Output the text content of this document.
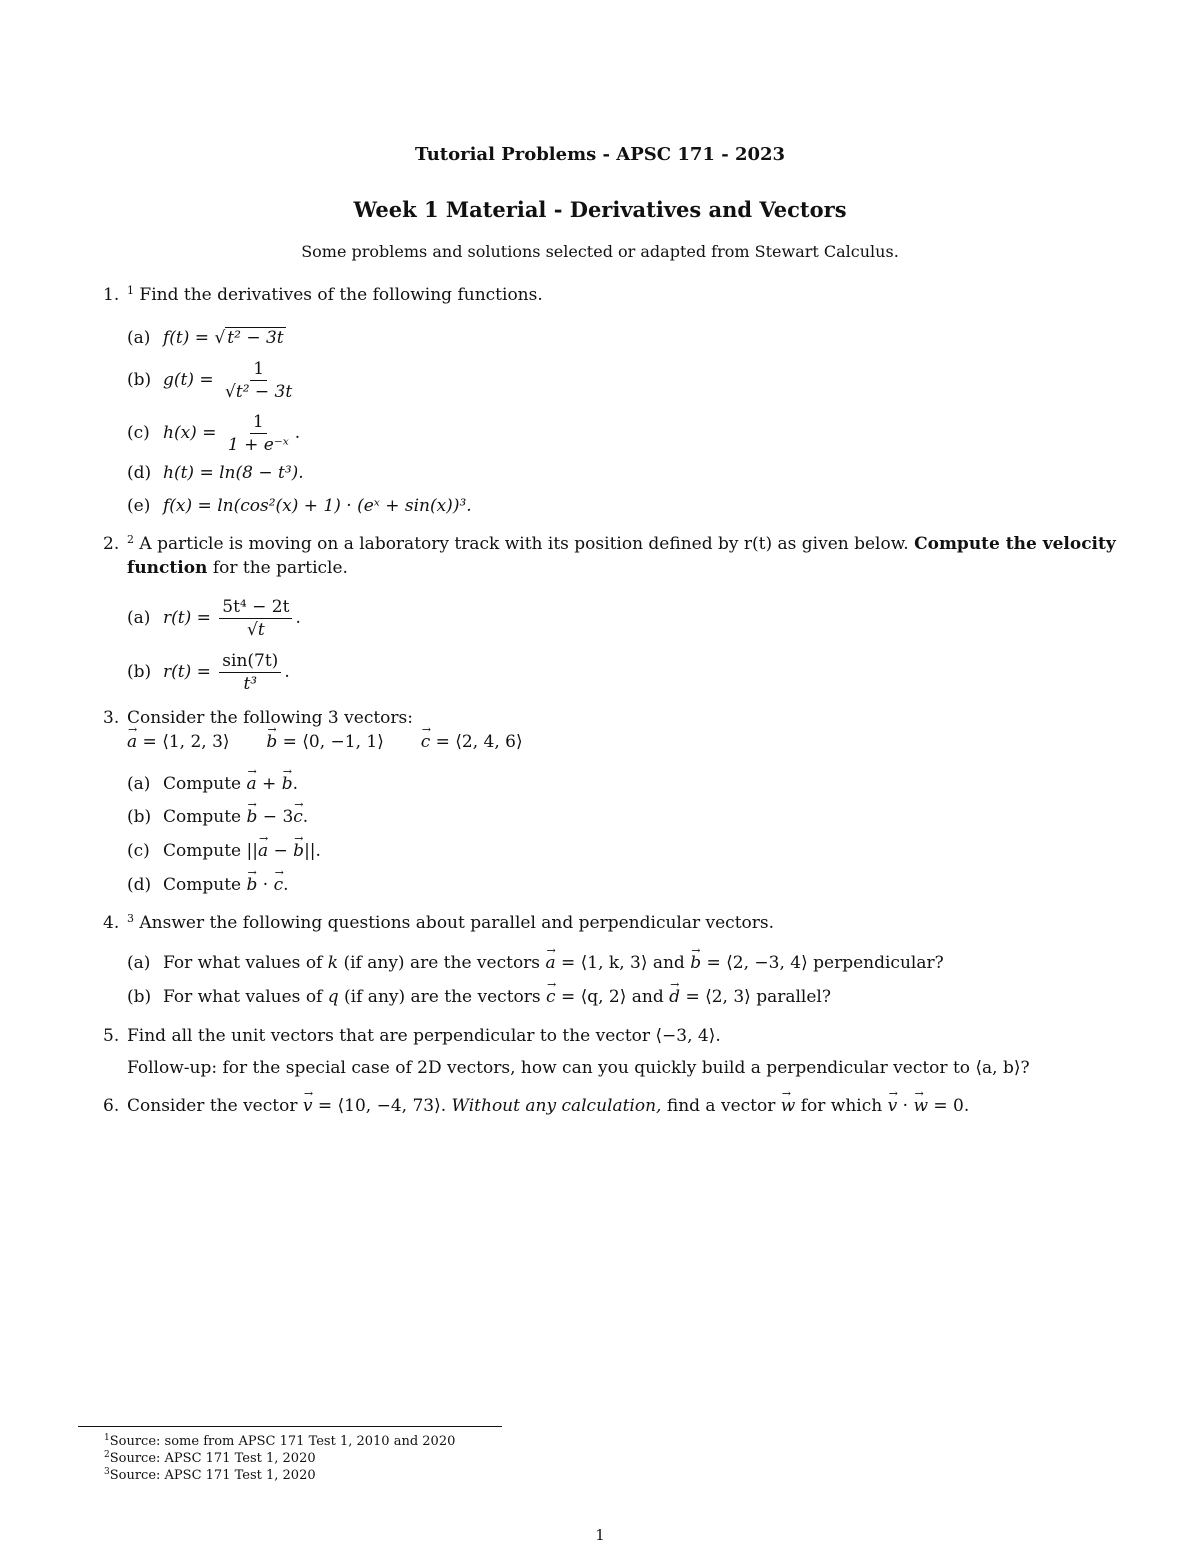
Tutorial Problems - APSC 171 - 2023
Week 1 Material - Derivatives and Vectors
Some problems and solutions selected or adapted from Stewart Calculus.
1. $^1$ Find the derivatives of the following functions.
(a) f(t) = √ t² − 3t
(b) $g(t) = \frac{1}{\text{√t² − 3t}}$
(c) $h(x) = \frac{1}{\text{1 + e⁻ˣ}}$ .
(d) h(t) = ln(8 − t³).
(e) f(x) = ln(cos²(x) + 1) · (eˣ + sin(x))³.
2. $^2$ A particle is moving on a laboratory track with its position defined by r(t) as given below. Compute the velocity
function for the particle.
(a) $r(t) = \frac{\text{5t⁴ − 2t}}{√t}$ .
(b) $r(t) = \frac{\sin(7t)}{\text{t³}}$ .
3. Consider the following 3 vectors:
→ a = ⟨1, 2, 3⟩ → b = ⟨0, −1, 1⟩ → c = ⟨2, 4, 6⟩
(a) Compute → a + → b.
(b) Compute → b − 3→ c.
(c) Compute ||→ a − → b||.
(d) Compute → b · → c.
4. $^3$ Answer the following questions about parallel and perpendicular vectors.
(a) For what values of k (if any) are the vectors → a = ⟨1, k, 3⟩ and → b = ⟨2, −3, 4⟩ perpendicular?
(b) For what values of q (if any) are the vectors → c = ⟨q, 2⟩ and → d = ⟨2, 3⟩ parallel?
5. Find all the unit vectors that are perpendicular to the vector ⟨−3, 4⟩.
Follow-up: for the special case of 2D vectors, how can you quickly build a perpendicular vector to ⟨a, b⟩?
6. Consider the vector → v = ⟨10, −4, 73⟩. Without any calculation, find a vector → w for which → v · → w = 0.
$^1$Source: some from APSC 171 Test 1, 2010 and 2020
$^2$Source: APSC 171 Test 1, 2020
$^3$Source: APSC 171 Test 1, 2020
1
